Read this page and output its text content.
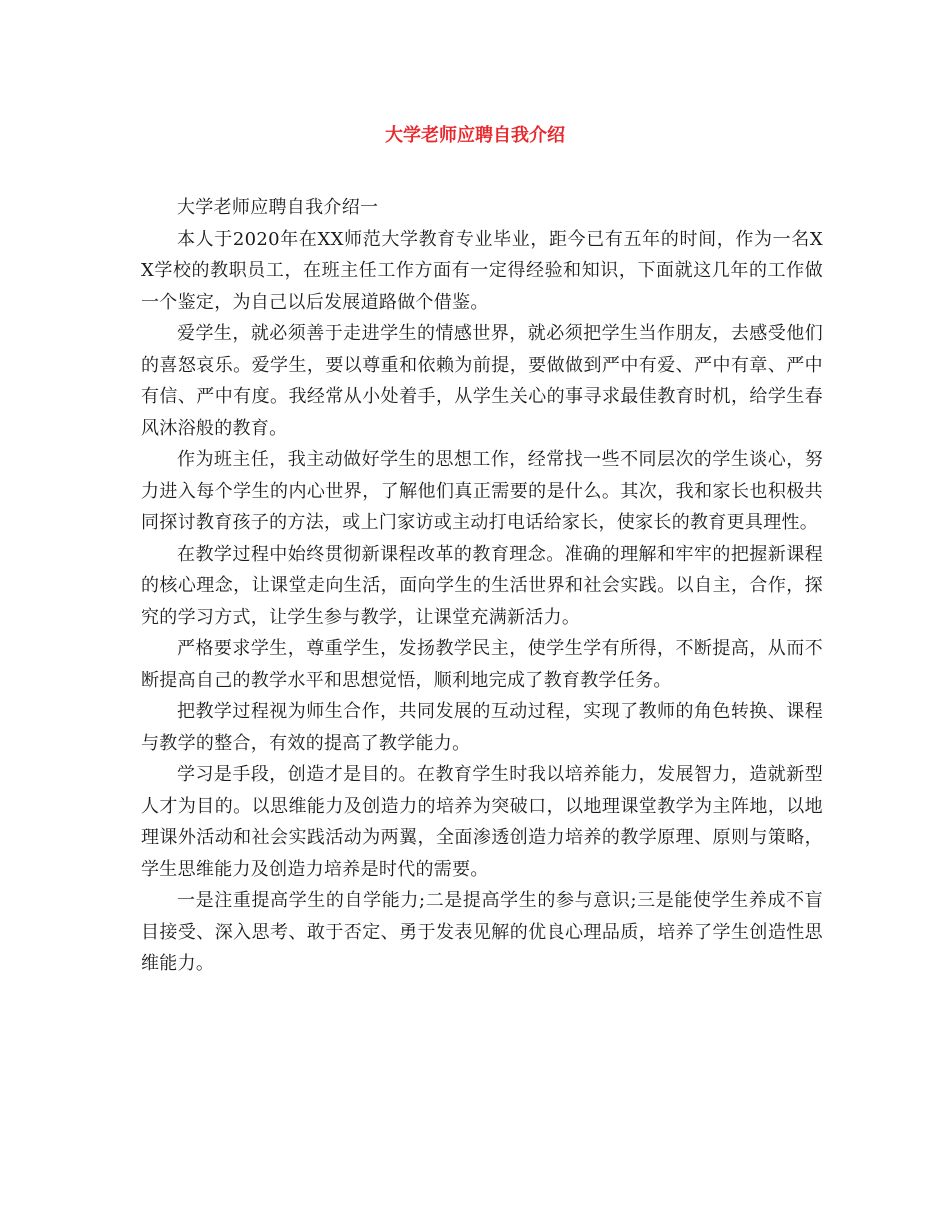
大学老师应聘自我介绍

大学老师应聘自我介绍一

本人于2020年在XX师范大学教育专业毕业，距今已有五年的时间，作为一名XX学校的教职员工，在班主任工作方面有一定得经验和知识，下面就这几年的工作做一个鉴定，为自己以后发展道路做个借鉴。

爱学生，就必须善于走进学生的情感世界，就必须把学生当作朋友，去感受他们的喜怒哀乐。爱学生，要以尊重和依赖为前提，要做做到严中有爱、严中有章、严中有信、严中有度。我经常从小处着手，从学生关心的事寻求最佳教育时机，给学生春风沐浴般的教育。

作为班主任，我主动做好学生的思想工作，经常找一些不同层次的学生谈心，努力进入每个学生的内心世界，了解他们真正需要的是什么。其次，我和家长也积极共同探讨教育孩子的方法，或上门家访或主动打电话给家长，使家长的教育更具理性。

在教学过程中始终贯彻新课程改革的教育理念。准确的理解和牢牢的把握新课程的核心理念，让课堂走向生活，面向学生的生活世界和社会实践。以自主，合作，探究的学习方式，让学生参与教学，让课堂充满新活力。

严格要求学生，尊重学生，发扬教学民主，使学生学有所得，不断提高，从而不断提高自己的教学水平和思想觉悟，顺利地完成了教育教学任务。

把教学过程视为师生合作，共同发展的互动过程，实现了教师的角色转换、课程与教学的整合，有效的提高了教学能力。

学习是手段，创造才是目的。在教育学生时我以培养能力，发展智力，造就新型人才为目的。以思维能力及创造力的培养为突破口，以地理课堂教学为主阵地，以地理课外活动和社会实践活动为两翼，全面渗透创造力培养的教学原理、原则与策略，学生思维能力及创造力培养是时代的需要。

一是注重提高学生的自学能力;二是提高学生的参与意识;三是能使学生养成不盲目接受、深入思考、敢于否定、勇于发表见解的优良心理品质，培养了学生创造性思维能力。
